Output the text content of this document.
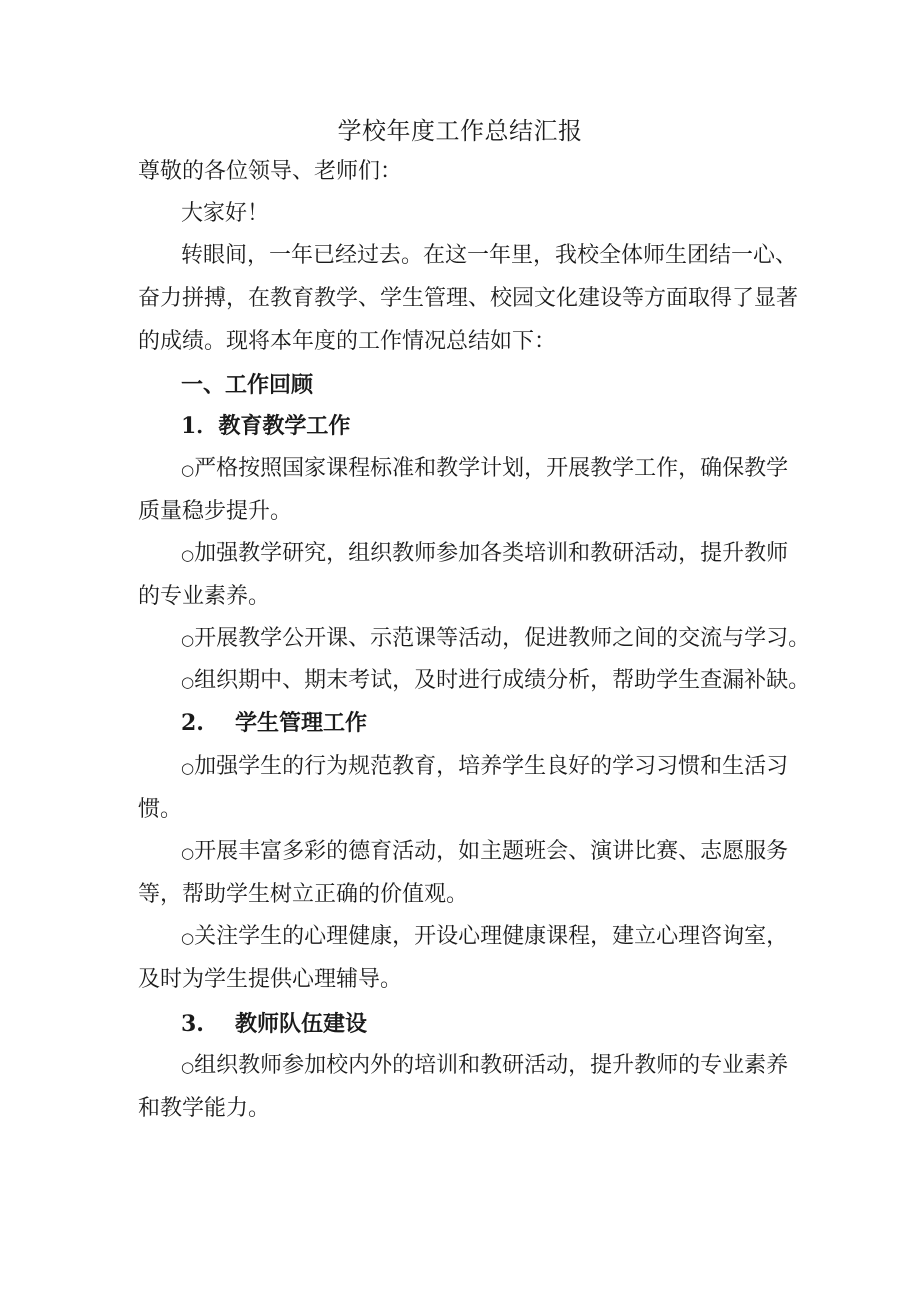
学校年度工作总结汇报

尊敬的各位领导、老师们：

大家好！

转眼间，一年已经过去。在这一年里，我校全体师生团结一心、

奋力拼搏，在教育教学、学生管理、校园文化建设等方面取得了显著

的成绩。现将本年度的工作情况总结如下：

一、工作回顾

1．教育教学工作

○严格按照国家课程标准和教学计划，开展教学工作，确保教学

质量稳步提升。

○加强教学研究，组织教师参加各类培训和教研活动，提升教师

的专业素养。

○开展教学公开课、示范课等活动，促进教师之间的交流与学习。

○组织期中、期末考试，及时进行成绩分析，帮助学生查漏补缺。

2. 学生管理工作

○加强学生的行为规范教育，培养学生良好的学习习惯和生活习

惯。

○开展丰富多彩的德育活动，如主题班会、演讲比赛、志愿服务

等，帮助学生树立正确的价值观。

○关注学生的心理健康，开设心理健康课程，建立心理咨询室，

及时为学生提供心理辅导。

3. 教师队伍建设

○组织教师参加校内外的培训和教研活动，提升教师的专业素养

和教学能力。
